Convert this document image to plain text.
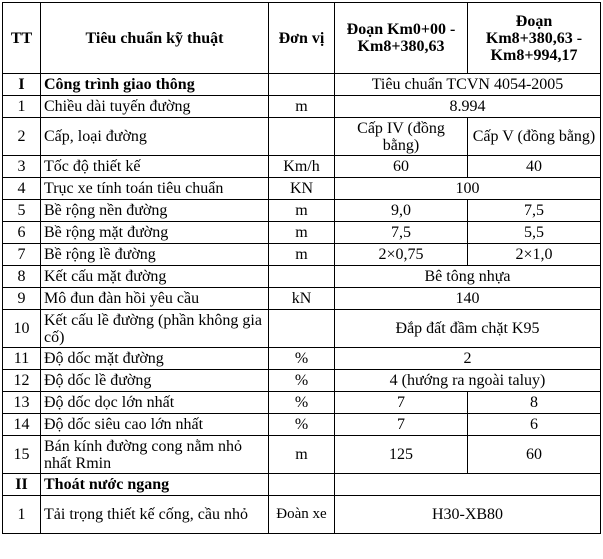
TT	Tiêu chuẩn kỹ thuật	Đơn vị	Đoạn Km0+00 - Km8+380,63	Đoạn Km8+380,63 - Km8+994,17
I	Công trình giao thông		Tiêu chuẩn TCVN 4054-2005	
1	Chiều dài tuyến đường	m	8.994	
2	Cấp, loại đường		Cấp IV (đồng bằng)	Cấp V (đồng bằng)
3	Tốc độ thiết kế	Km/h	60	40
4	Trục xe tính toán tiêu chuẩn	KN	100	
5	Bề rộng nền đường	m	9,0	7,5
6	Bề rộng mặt đường	m	7,5	5,5
7	Bề rộng lề đường	m	2×0,75	2×1,0
8	Kết cấu mặt đường		Bê tông nhựa	
9	Mô đun đàn hồi yêu cầu	kN	140	
10	Kết cấu lề đường (phần không gia cố)		Đắp đất đầm chặt K95	
11	Độ dốc mặt đường	%	2	
12	Độ dốc lề đường	%	4 (hướng ra ngoài taluy)	
13	Độ dốc dọc lớn nhất	%	7	8
14	Độ dốc siêu cao lớn nhất	%	7	6
15	Bán kính đường cong nằm nhỏ nhất Rmin	m	125	60
II	Thoát nước ngang			
1	Tải trọng thiết kế cống, cầu nhỏ	Đoàn xe	H30-XB80	
